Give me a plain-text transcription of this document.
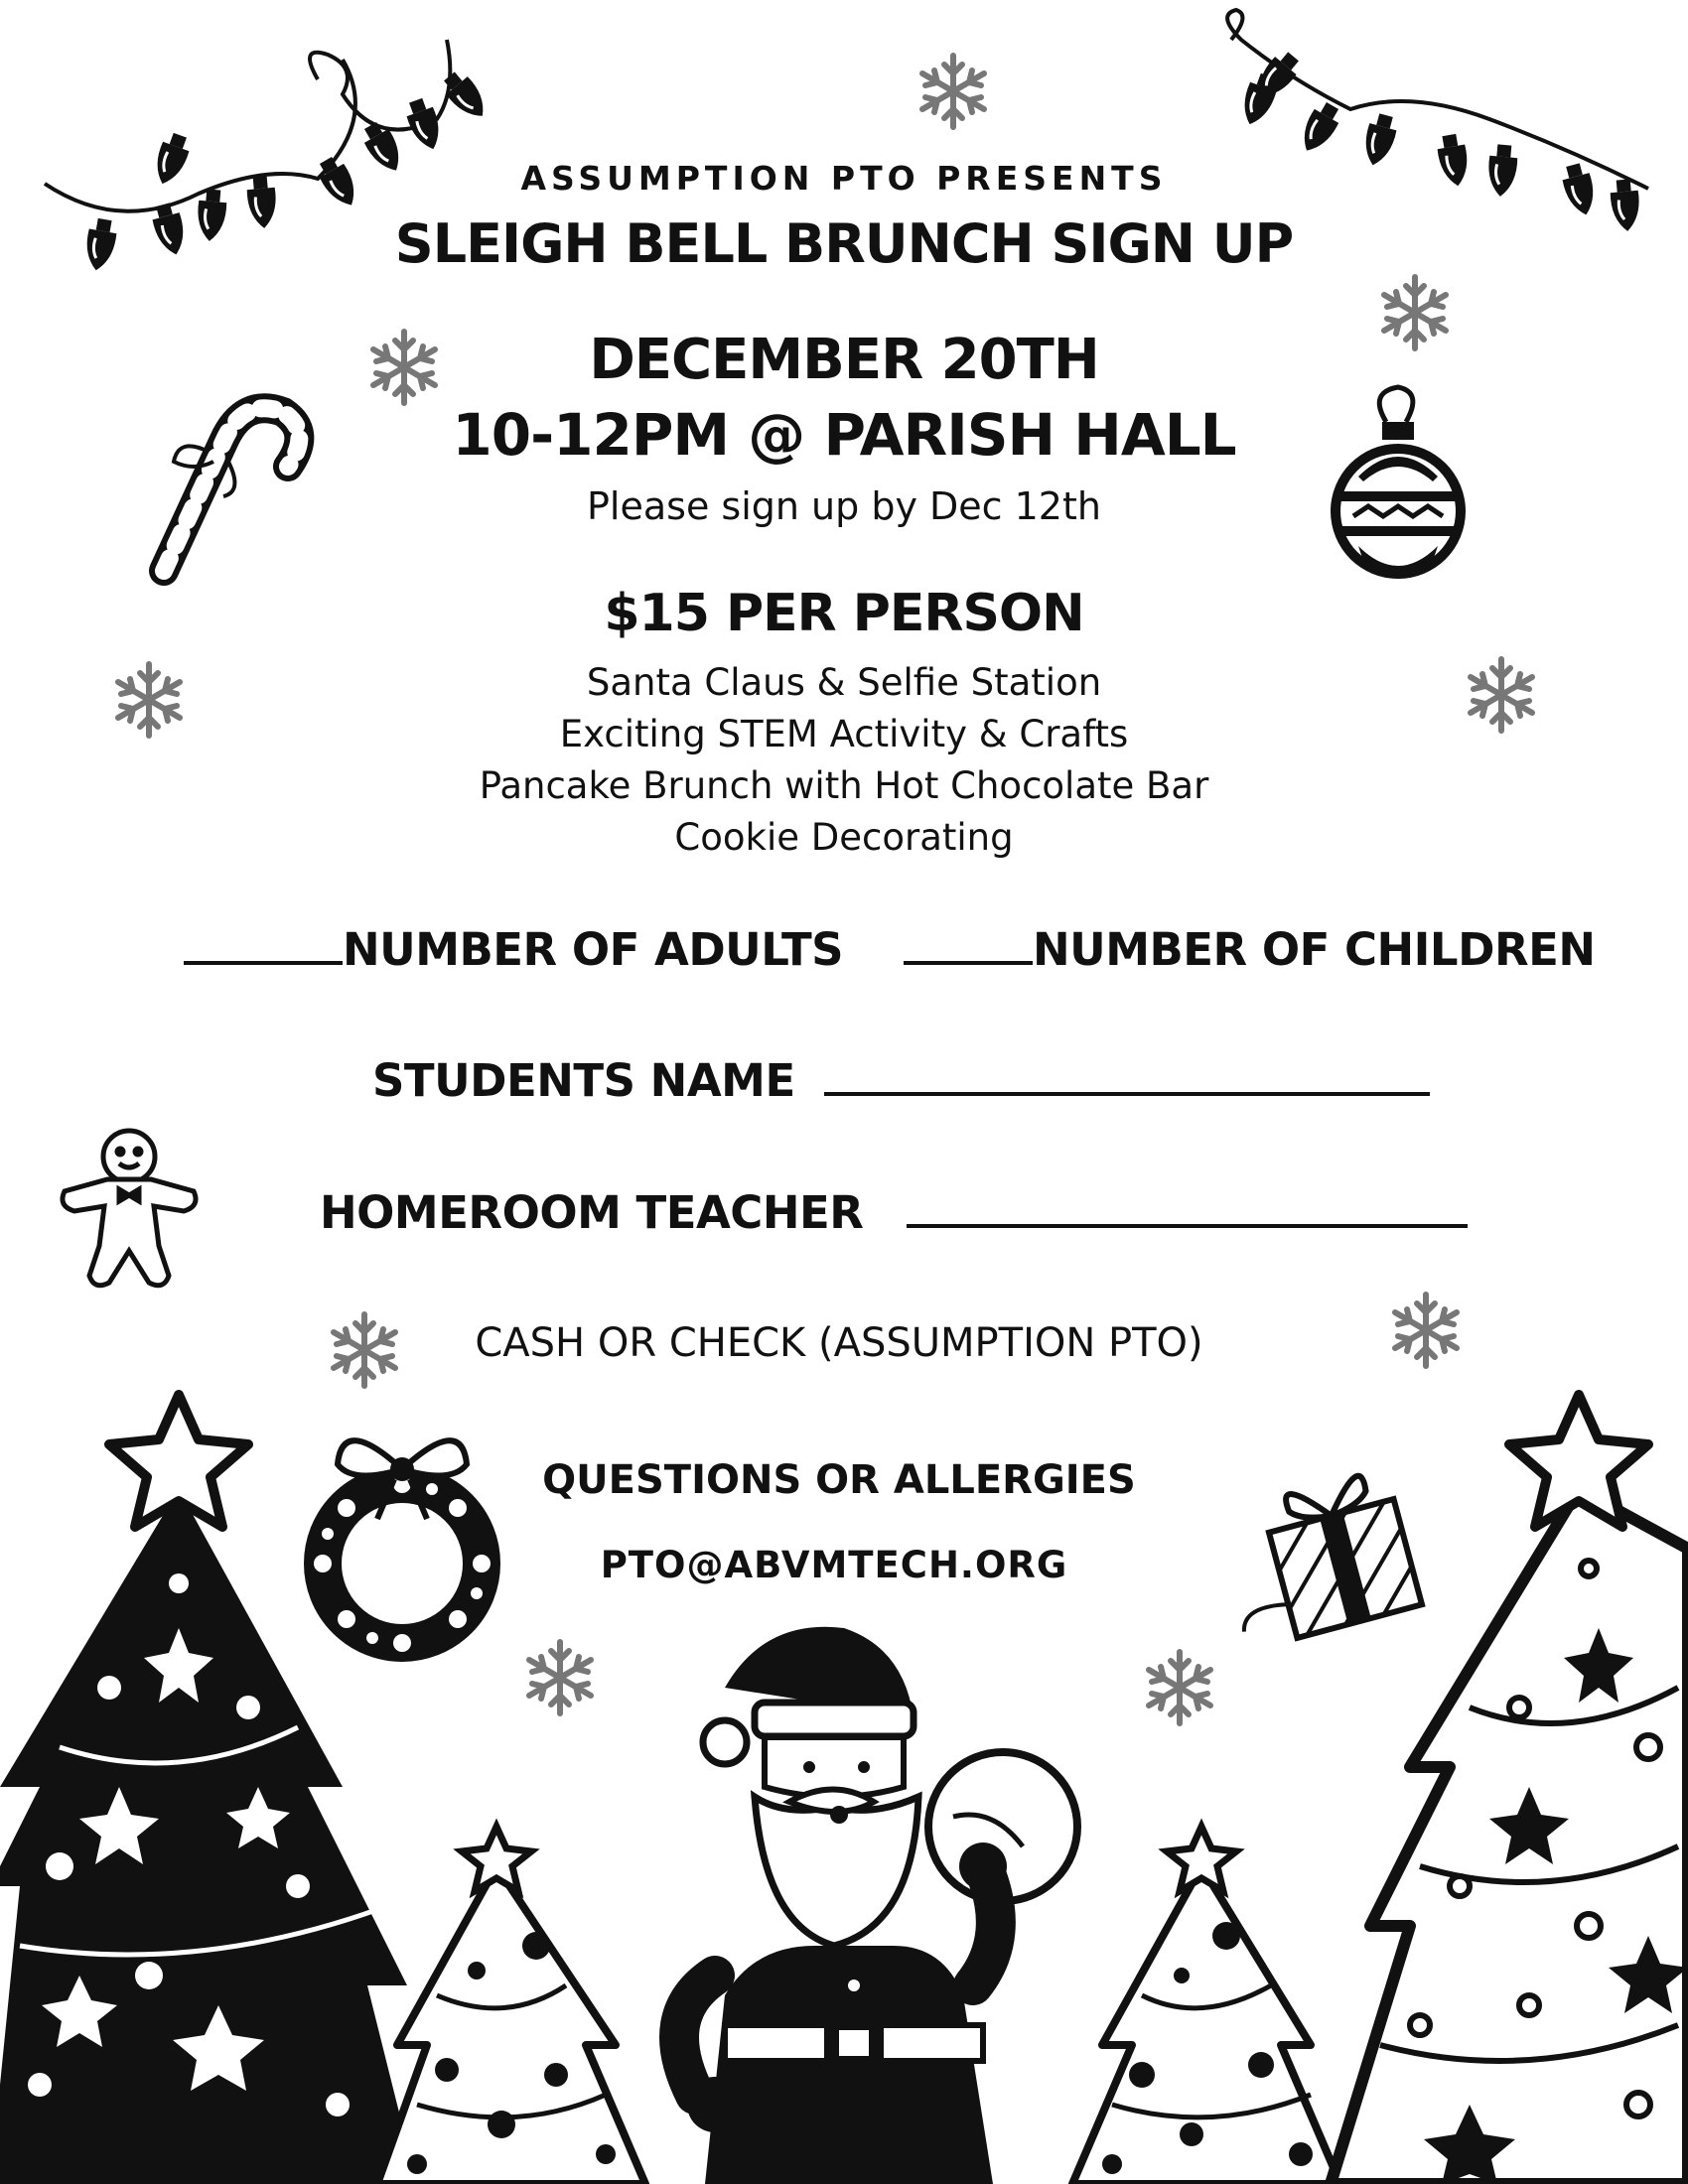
ASSUMPTION PTO PRESENTS
SLEIGH BELL BRUNCH SIGN UP
DECEMBER 20TH
10-12PM @ PARISH HALL
Please sign up by Dec 12th
$15 PER PERSON
Santa Claus & Selfie Station
Exciting STEM Activity & Crafts
Pancake Brunch with Hot Chocolate Bar
Cookie Decorating
NUMBER OF ADULTS	NUMBER OF CHILDREN
STUDENTS NAME
HOMEROOM TEACHER
CASH OR CHECK (ASSUMPTION PTO)
QUESTIONS OR ALLERGIES
PTO@ABVMTECH.ORG
